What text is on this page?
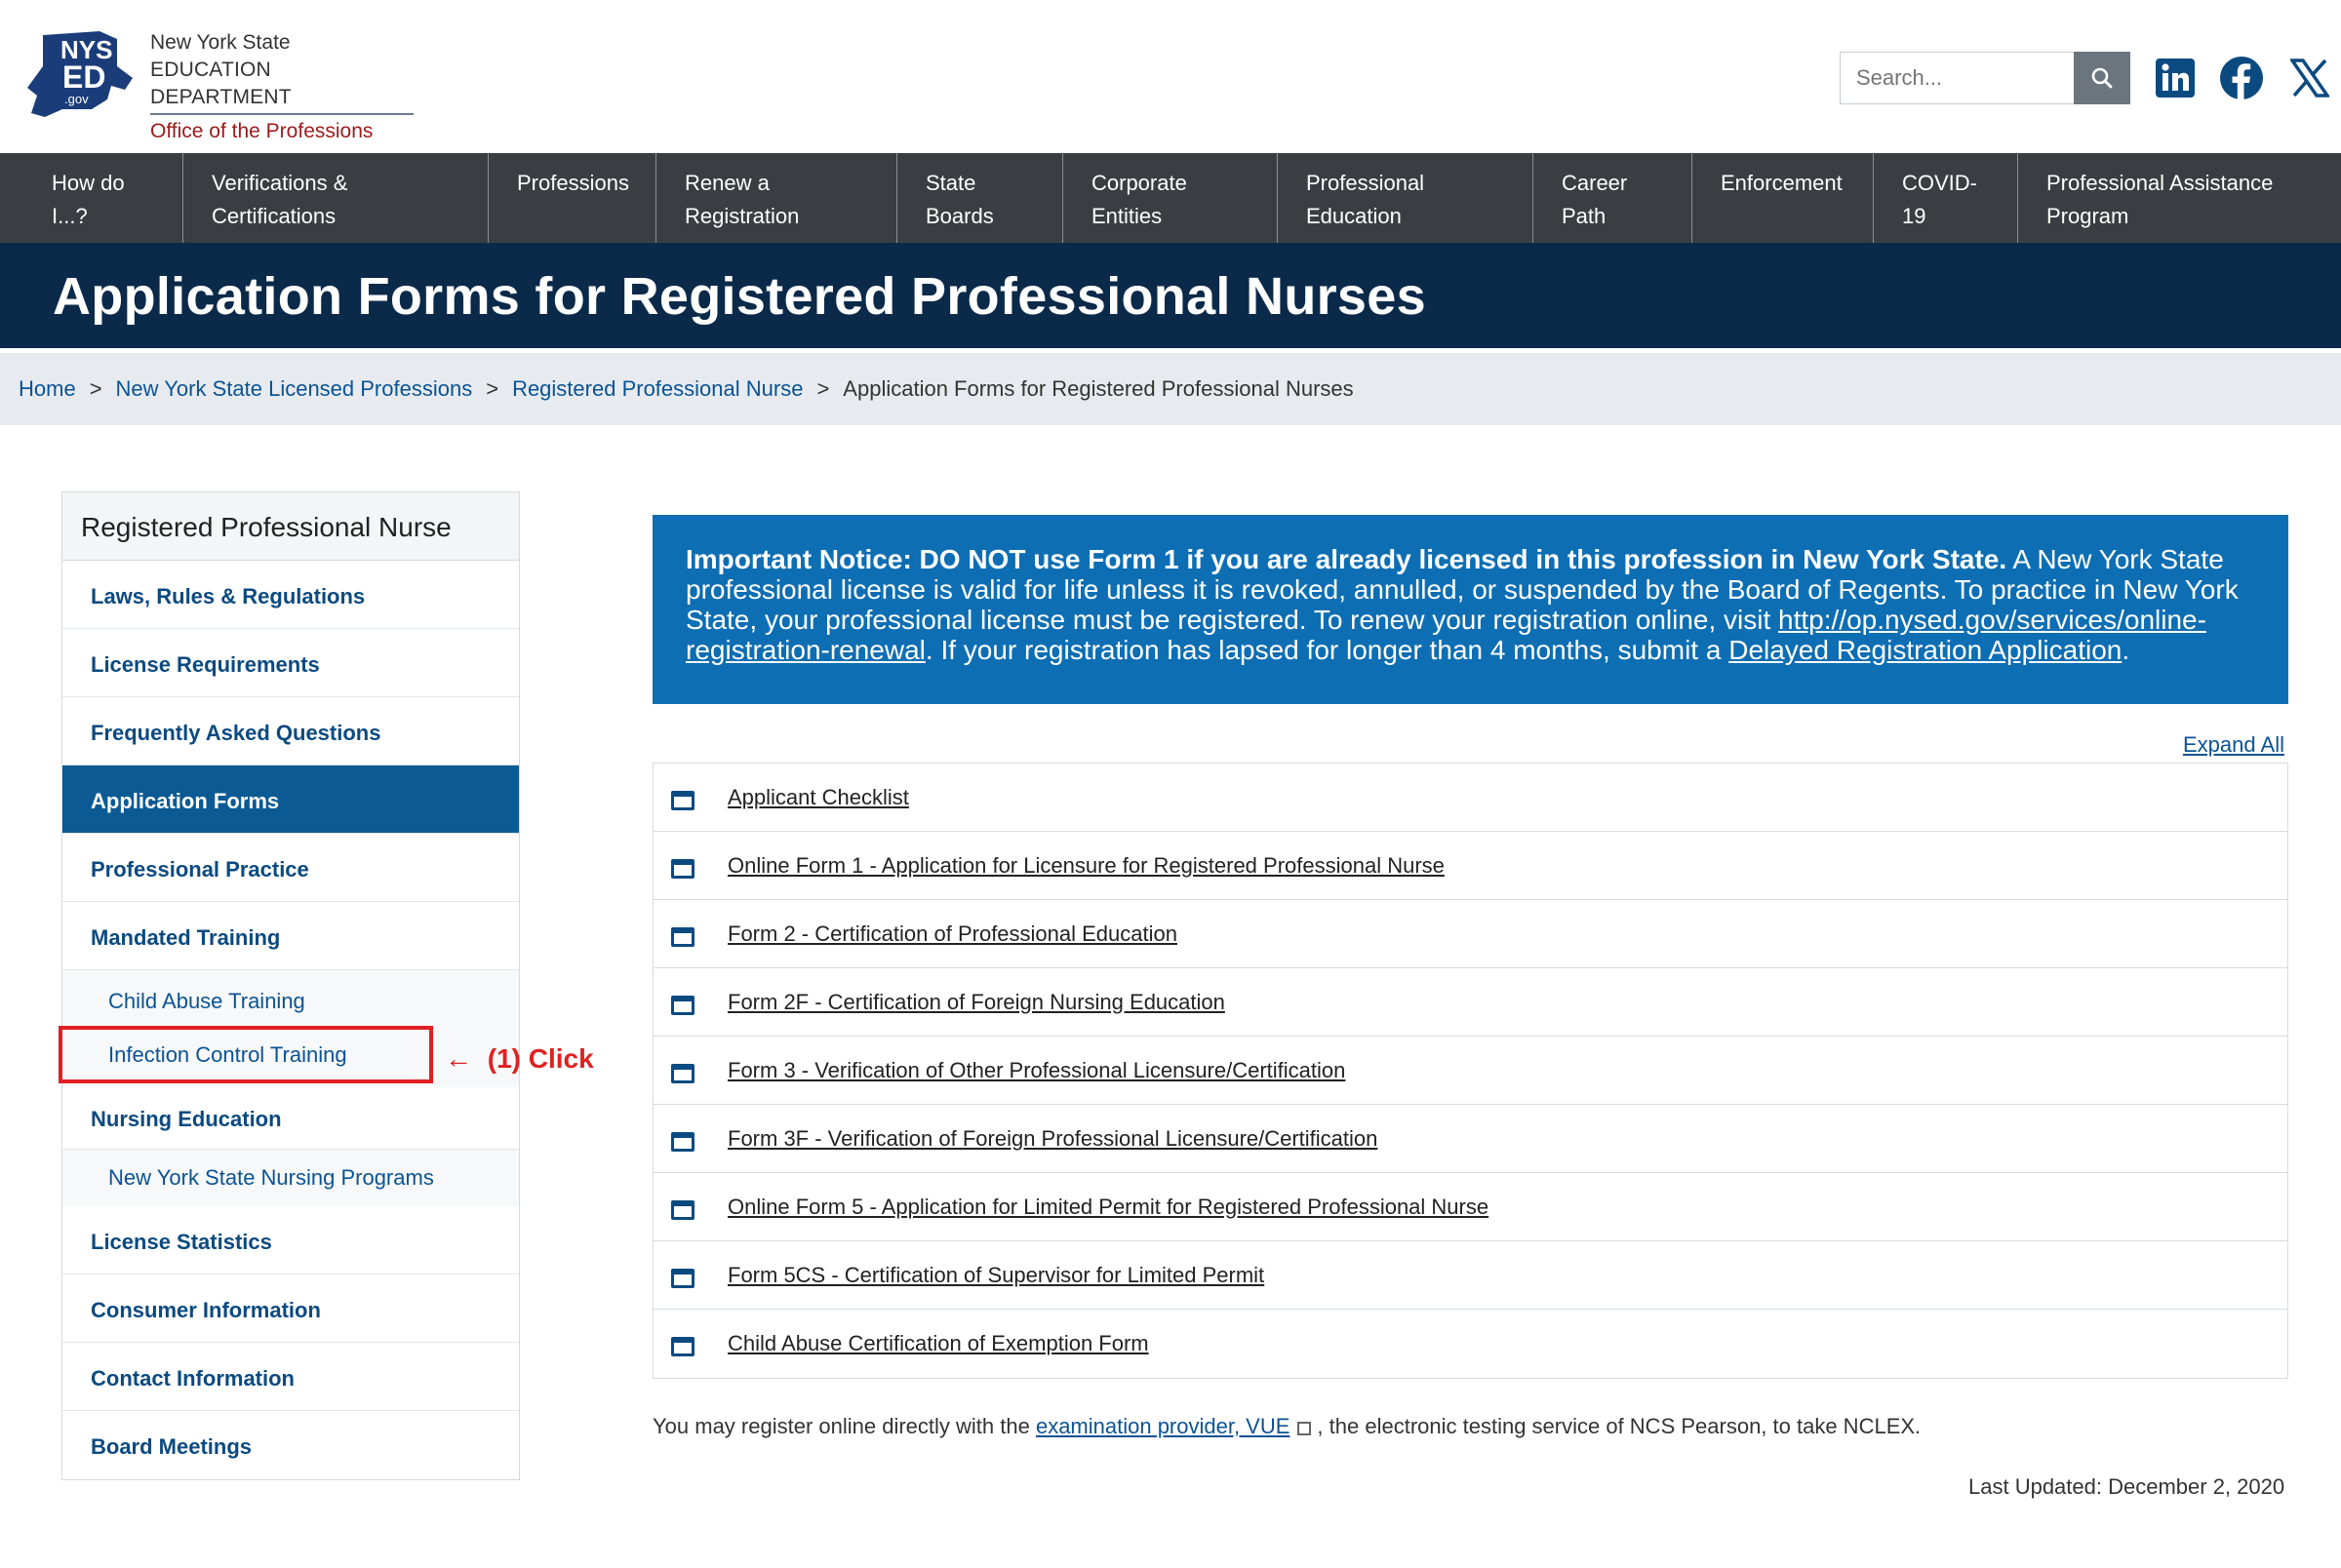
NYS
ED
.gov
New York State
EDUCATION DEPARTMENT
Office of the Professions
Search...
How do
I...?
Verifications &
Certifications
Professions	Renew a
Registration
State
Boards
Corporate
Entities
Professional
Education
Career
Path
Enforcement	COVID-
19
Professional Assistance
Program
Application Forms for Registered Professional Nurses
Home > New York State Licensed Professions > Registered Professional Nurse > Application Forms for Registered Professional Nurses
Registered Professional Nurse
Laws, Rules & Regulations
License Requirements
Frequently Asked Questions
Application Forms
Professional Practice
Mandated Training
Child Abuse Training
Infection Control Training
Nursing Education
New York State Nursing Programs
License Statistics
Consumer Information
Contact Information
Board Meetings
← (1) Click
Important Notice: DO NOT use Form 1 if you are already licensed in this profession in New York State. A New York State professional license is valid for life unless it is revoked, annulled, or suspended by the Board of Regents. To practice in New York State, your professional license must be registered. To renew your registration online, visit http://op.nysed.gov/services/online-registration-renewal. If your registration has lapsed for longer than 4 months, submit a Delayed Registration Application.
Expand All
Applicant Checklist
Online Form 1 - Application for Licensure for Registered Professional Nurse
Form 2 - Certification of Professional Education
Form 2F - Certification of Foreign Nursing Education
Form 3 - Verification of Other Professional Licensure/Certification
Form 3F - Verification of Foreign Professional Licensure/Certification
Online Form 5 - Application for Limited Permit for Registered Professional Nurse
Form 5CS - Certification of Supervisor for Limited Permit
Child Abuse Certification of Exemption Form
You may register online directly with the examination provider, VUE , the electronic testing service of NCS Pearson, to take NCLEX.
Last Updated: December 2, 2020
